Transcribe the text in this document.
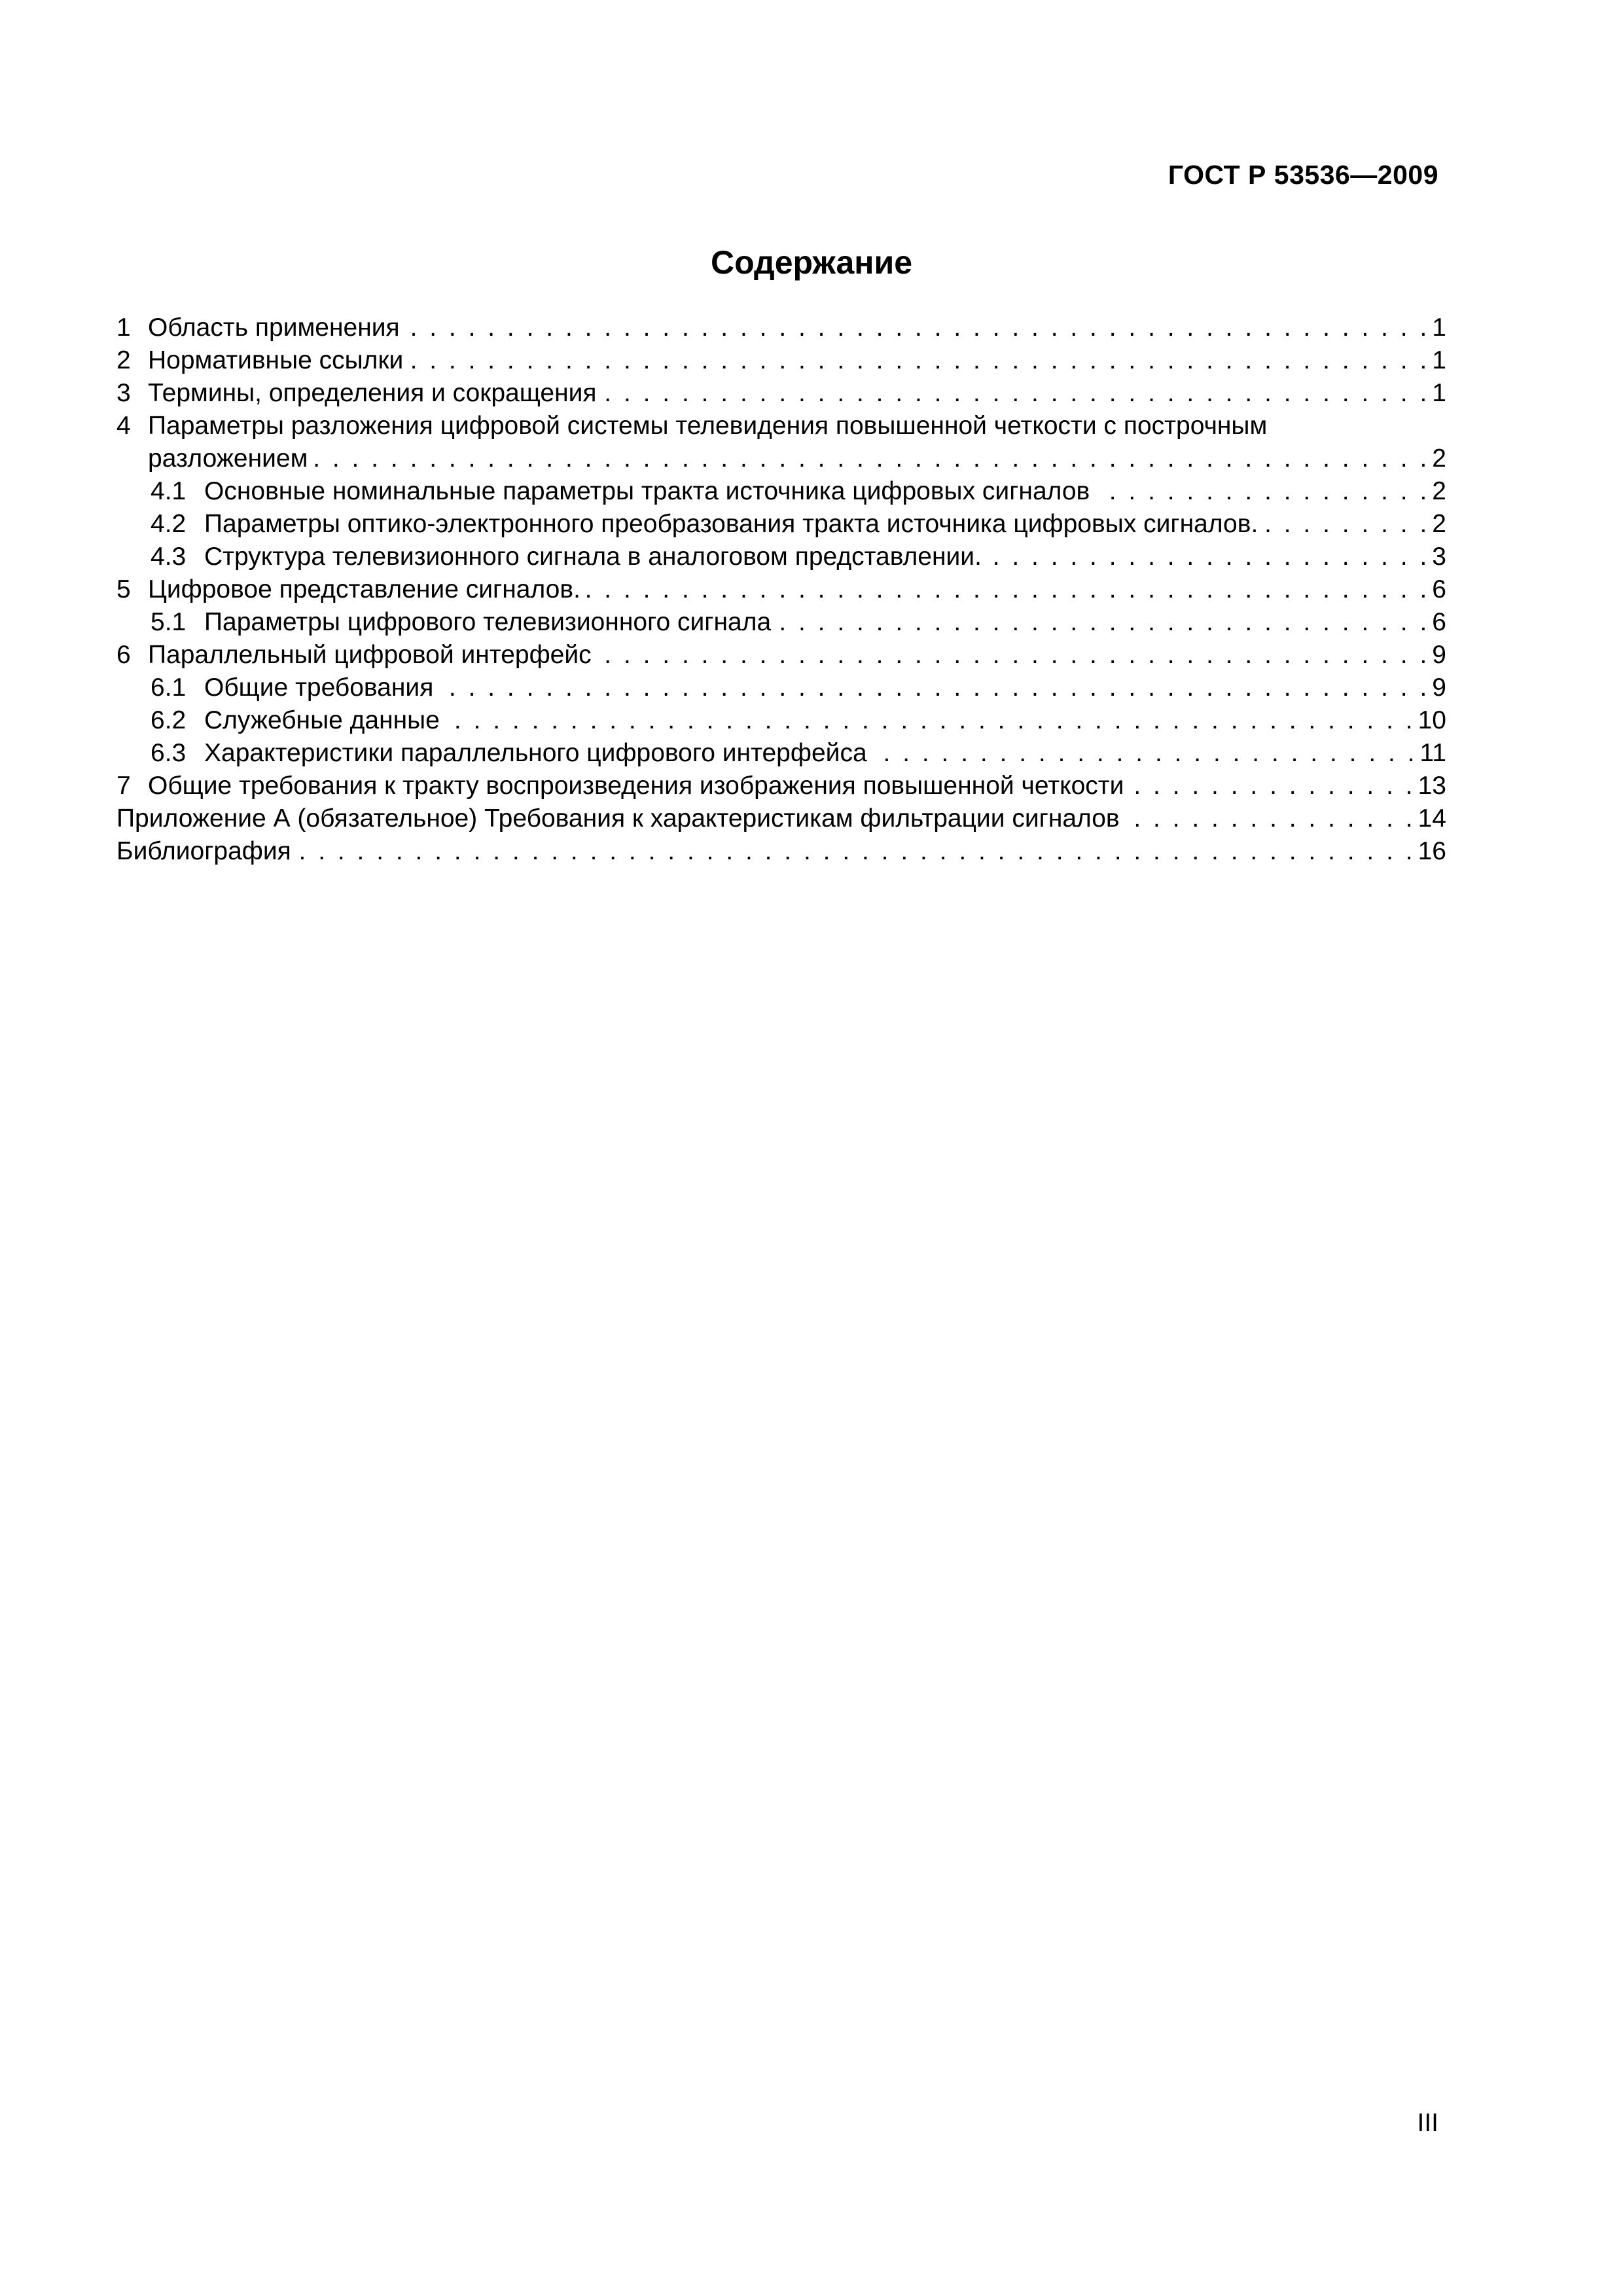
ГОСТ Р 53536—2009
Содержание
1 Область применения . . .	1
2 Нормативные ссылки . . .	1
3 Термины, определения и сокращения . . .	1
4 Параметры разложения цифровой системы телевидения повышенной четкости с построчным
разложением . . .	2
4.1 Основные номинальные параметры тракта источника цифровых сигналов . . .	2
4.2 Параметры оптико-электронного преобразования тракта источника цифровых сигналов. . . .	2
4.3 Структура телевизионного сигнала в аналоговом представлении. . . .	3
5 Цифровое представление сигналов. . . .	6
5.1 Параметры цифрового телевизионного сигнала . . .	6
6 Параллельный цифровой интерфейс . . .	9
6.1 Общие требования . . .	9
6.2 Служебные данные . . .	10
6.3 Характеристики параллельного цифрового интерфейса . . .	11
7 Общие требования к тракту воспроизведения изображения повышенной четкости . . .	13
Приложение А (обязательное) Требования к характеристикам фильтрации сигналов . . .	14
Библиография . . .	16
III
